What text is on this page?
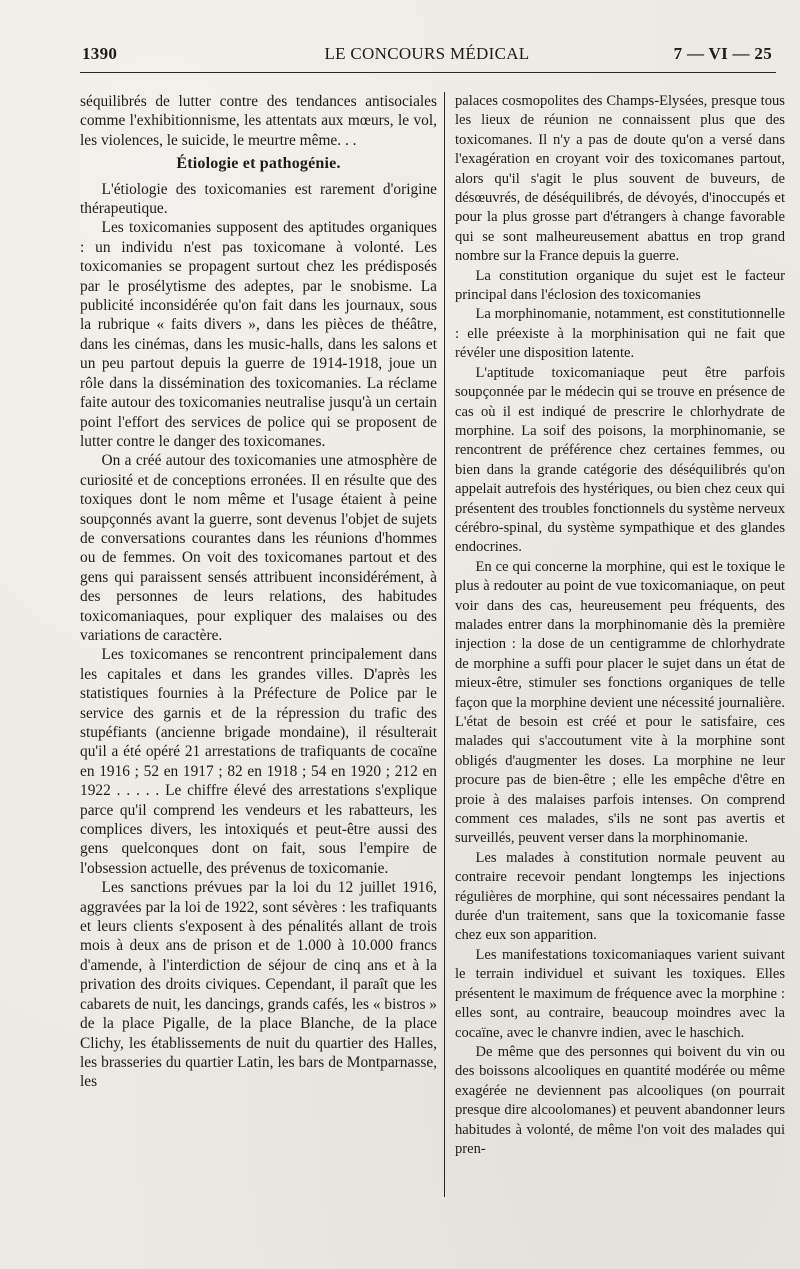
1390	LE CONCOURS MÉDICAL	7 — VI — 25

séquilibrés de lutter contre des tendances antisociales comme l'exhibitionnisme, les attentats aux mœurs, le vol, les violences, le suicide, le meurtre même. . .

Étiologie et pathogénie.

L'étiologie des toxicomanies est rarement d'origine thérapeutique.

Les toxicomanies supposent des aptitudes organiques : un individu n'est pas toxicomane à volonté. Les toxicomanies se propagent surtout chez les prédisposés par le prosélytisme des adeptes, par le snobisme. La publicité inconsidérée qu'on fait dans les journaux, sous la rubrique « faits divers », dans les pièces de théâtre, dans les cinémas, dans les music-halls, dans les salons et un peu partout depuis la guerre de 1914-1918, joue un rôle dans la dissémination des toxicomanies. La réclame faite autour des toxicomanies neutralise jusqu'à un certain point l'effort des services de police qui se proposent de lutter contre le danger des toxicomanes.

On a créé autour des toxicomanies une atmosphère de curiosité et de conceptions erronées. Il en résulte que des toxiques dont le nom même et l'usage étaient à peine soupçonnés avant la guerre, sont devenus l'objet de sujets de conversations courantes dans les réunions d'hommes ou de femmes. On voit des toxicomanes partout et des gens qui paraissent sensés attribuent inconsidérément, à des personnes de leurs relations, des habitudes toxicomaniaques, pour expliquer des malaises ou des variations de caractère.

Les toxicomanes se rencontrent principalement dans les capitales et dans les grandes villes. D'après les statistiques fournies à la Préfecture de Police par le service des garnis et de la répression du trafic des stupéfiants (ancienne brigade mondaine), il résulterait qu'il a été opéré 21 arrestations de trafiquants de cocaïne en 1916 ; 52 en 1917 ; 82 en 1918 ; 54 en 1920 ; 212 en 1922 . . . . . Le chiffre élevé des arrestations s'explique parce qu'il comprend les vendeurs et les rabatteurs, les complices divers, les intoxiqués et peut-être aussi des gens quelconques dont on fait, sous l'empire de l'obsession actuelle, des prévenus de toxicomanie.

Les sanctions prévues par la loi du 12 juillet 1916, aggravées par la loi de 1922, sont sévères : les trafiquants et leurs clients s'exposent à des pénalités allant de trois mois à deux ans de prison et de 1.000 à 10.000 francs d'amende, à l'interdiction de séjour de cinq ans et à la privation des droits civiques. Cependant, il paraît que les cabarets de nuit, les dancings, grands cafés, les « bistros » de la place Pigalle, de la place Blanche, de la place Clichy, les établissements de nuit du quartier des Halles, les brasseries du quartier Latin, les bars de Montparnasse, les

palaces cosmopolites des Champs-Elysées, presque tous les lieux de réunion ne connaissent plus que des toxicomanes. Il n'y a pas de doute qu'on a versé dans l'exagération en croyant voir des toxicomanes partout, alors qu'il s'agit le plus souvent de buveurs, de désœuvrés, de déséquilibrés, de dévoyés, d'inoccupés et pour la plus grosse part d'étrangers à change favorable qui se sont malheureusement abattus en trop grand nombre sur la France depuis la guerre.

La constitution organique du sujet est le facteur principal dans l'éclosion des toxicomanies

La morphinomanie, notamment, est constitutionnelle : elle préexiste à la morphinisation qui ne fait que révéler une disposition latente.

L'aptitude toxicomaniaque peut être parfois soupçonnée par le médecin qui se trouve en présence de cas où il est indiqué de prescrire le chlorhydrate de morphine. La soif des poisons, la morphinomanie, se rencontrent de préférence chez certaines femmes, ou bien dans la grande catégorie des déséquilibrés qu'on appelait autrefois des hystériques, ou bien chez ceux qui présentent des troubles fonctionnels du système nerveux cérébro-spinal, du système sympathique et des glandes endocrines.

En ce qui concerne la morphine, qui est le toxique le plus à redouter au point de vue toxicomaniaque, on peut voir dans des cas, heureusement peu fréquents, des malades entrer dans la morphinomanie dès la première injection : la dose de un centigramme de chlorhydrate de morphine a suffi pour placer le sujet dans un état de mieux-être, stimuler ses fonctions organiques de telle façon que la morphine devient une nécessité journalière. L'état de besoin est créé et pour le satisfaire, ces malades qui s'accoutument vite à la morphine sont obligés d'augmenter les doses. La morphine ne leur procure pas de bien-être ; elle les empêche d'être en proie à des malaises parfois intenses. On comprend comment ces malades, s'ils ne sont pas avertis et surveillés, peuvent verser dans la morphinomanie.

Les malades à constitution normale peuvent au contraire recevoir pendant longtemps les injections régulières de morphine, qui sont nécessaires pendant la durée d'un traitement, sans que la toxicomanie fasse chez eux son apparition.

Les manifestations toxicomaniaques varient suivant le terrain individuel et suivant les toxiques. Elles présentent le maximum de fréquence avec la morphine : elles sont, au contraire, beaucoup moindres avec la cocaïne, avec le chanvre indien, avec le haschich.

De même que des personnes qui boivent du vin ou des boissons alcooliques en quantité modérée ou même exagérée ne deviennent pas alcooliques (on pourrait presque dire alcoolomanes) et peuvent abandonner leurs habitudes à volonté, de même l'on voit des malades qui pren-
